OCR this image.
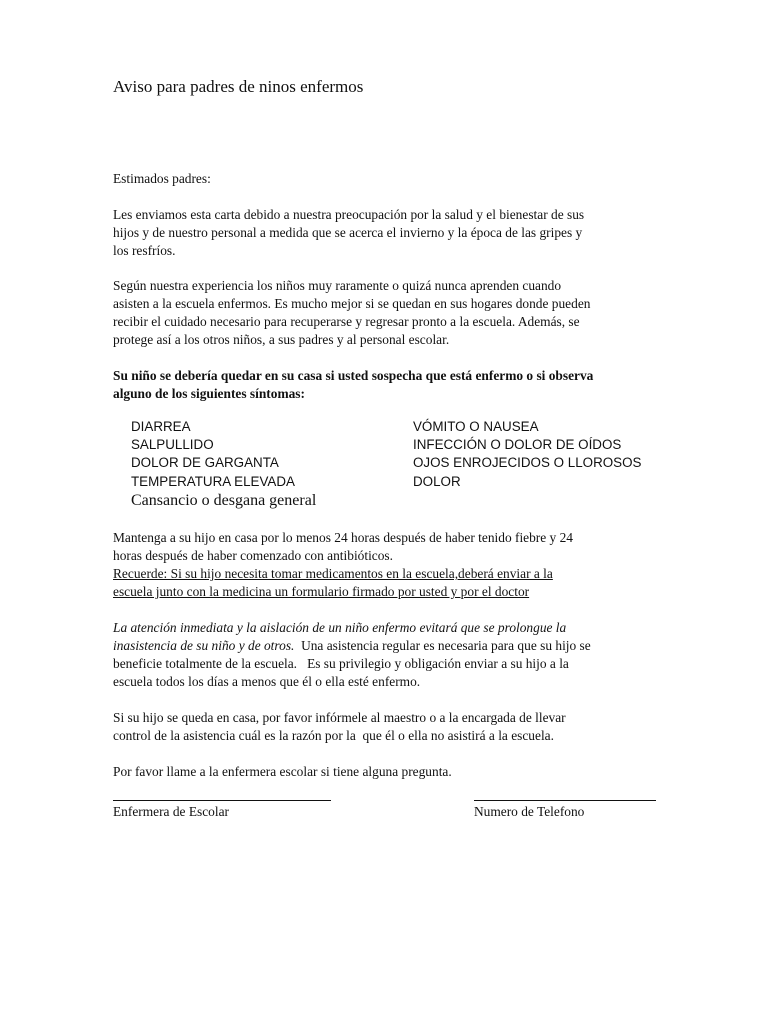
Aviso para padres de ninos enfermos
Estimados padres:
Les enviamos esta carta debido a nuestra preocupación por la salud y el bienestar de sus
hijos y de nuestro personal a medida que se acerca el invierno y la época de las gripes y
los resfríos.
Según nuestra experiencia los niños muy raramente o quizá nunca aprenden cuando
asisten a la escuela enfermos. Es mucho mejor si se quedan en sus hogares donde pueden
recibir el cuidado necesario para recuperarse y regresar pronto a la escuela. Además, se
protege así a los otros niños, a sus padres y al personal escolar.
Su niño se debería quedar en su casa si usted sospecha que está enfermo o si observa
alguno de los siguientes síntomas:
DIARREA
SALPULLIDO
DOLOR DE GARGANTA
TEMPERATURA ELEVADA
Cansancio o desgana general
VÓMITO O NAUSEA
INFECCIÓN O DOLOR DE OÍDOS
OJOS ENROJECIDOS O LLOROSOS
DOLOR
Mantenga a su hijo en casa por lo menos 24 horas después de haber tenido fiebre y 24
horas después de haber comenzado con antibióticos.
Recuerde: Si su hijo necesita tomar medicamentos en la escuela,deberá enviar a la
escuela junto con la medicina un formulario firmado por usted y por el doctor
La atención inmediata y la aislación de un niño enfermo evitará que se prolongue la
inasistencia de su niño y de otros.  Una asistencia regular es necesaria para que su hijo se
beneficie totalmente de la escuela.   Es su privilegio y obligación enviar a su hijo a la
escuela todos los días a menos que él o ella esté enfermo.
Si su hijo se queda en casa, por favor infórmele al maestro o a la encargada de llevar
control de la asistencia cuál es la razón por la  que él o ella no asistirá a la escuela.
Por favor llame a la enfermera escolar si tiene alguna pregunta.
Enfermera de Escolar	Numero de Telefono
